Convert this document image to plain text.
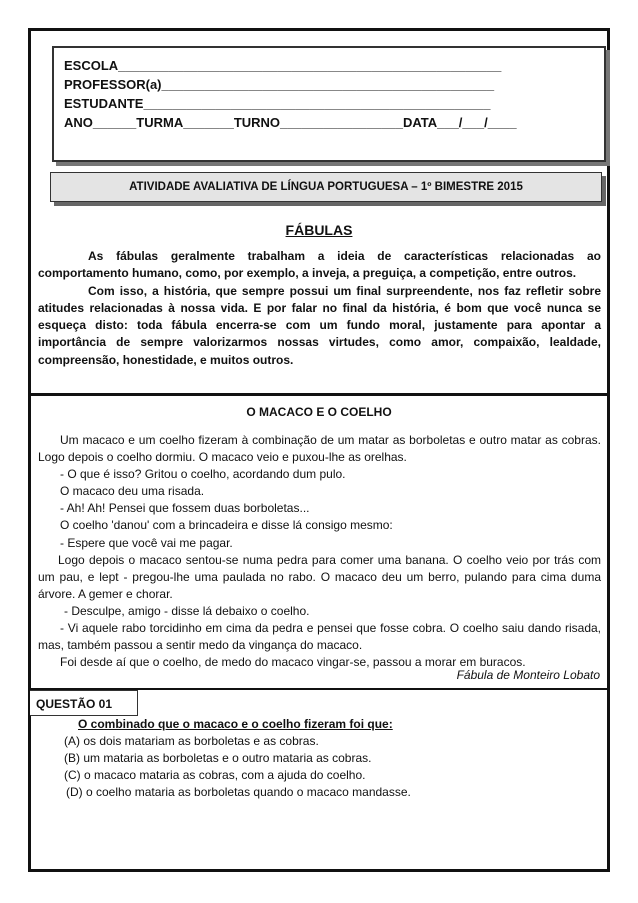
ESCOLA_____________________________________________________
PROFESSOR(a)______________________________________________
ESTUDANTE________________________________________________
ANO______TURMA_______TURNO_________________DATA___/___/____
ATIVIDADE AVALIATIVA DE LÍNGUA PORTUGUESA – 1º BIMESTRE 2015
FÁBULAS

As fábulas geralmente trabalham a ideia de características relacionadas ao comportamento humano, como, por exemplo, a inveja, a preguiça, a competição, entre outros.

Com isso, a história, que sempre possui um final surpreendente, nos faz refletir sobre atitudes relacionadas à nossa vida. E por falar no final da história, é bom que você nunca se esqueça disto: toda fábula encerra-se com um fundo moral, justamente para apontar a importância de sempre valorizarmos nossas virtudes, como amor, compaixão, lealdade, compreensão, honestidade, e muitos outros.

O MACACO E O COELHO

Um macaco e um coelho fizeram à combinação de um matar as borboletas e outro matar as cobras. Logo depois o coelho dormiu. O macaco veio e puxou-lhe as orelhas.

- O que é isso? Gritou o coelho, acordando dum pulo.

O macaco deu uma risada.

- Ah! Ah! Pensei que fossem duas borboletas...

O coelho 'danou' com a brincadeira e disse lá consigo mesmo:

- Espere que você vai me pagar.

Logo depois o macaco sentou-se numa pedra para comer uma banana. O coelho veio por trás com um pau, e lept - pregou-lhe uma paulada no rabo. O macaco deu um berro, pulando para cima duma árvore. A gemer e chorar.

- Desculpe, amigo - disse lá debaixo o coelho.

- Vi aquele rabo torcidinho em cima da pedra e pensei que fosse cobra. O coelho saiu dando risada, mas, também passou a sentir medo da vingança do macaco.

Foi desde aí que o coelho, de medo do macaco vingar-se, passou a morar em buracos.

Fábula de Monteiro Lobato
QUESTÃO 01
O combinado que o macaco e o coelho fizeram foi que:
(A) os dois matariam as borboletas e as cobras.
(B) um mataria as borboletas e o outro mataria as cobras.
(C) o macaco mataria as cobras, com a ajuda do coelho.
(D) o coelho mataria as borboletas quando o macaco mandasse.
